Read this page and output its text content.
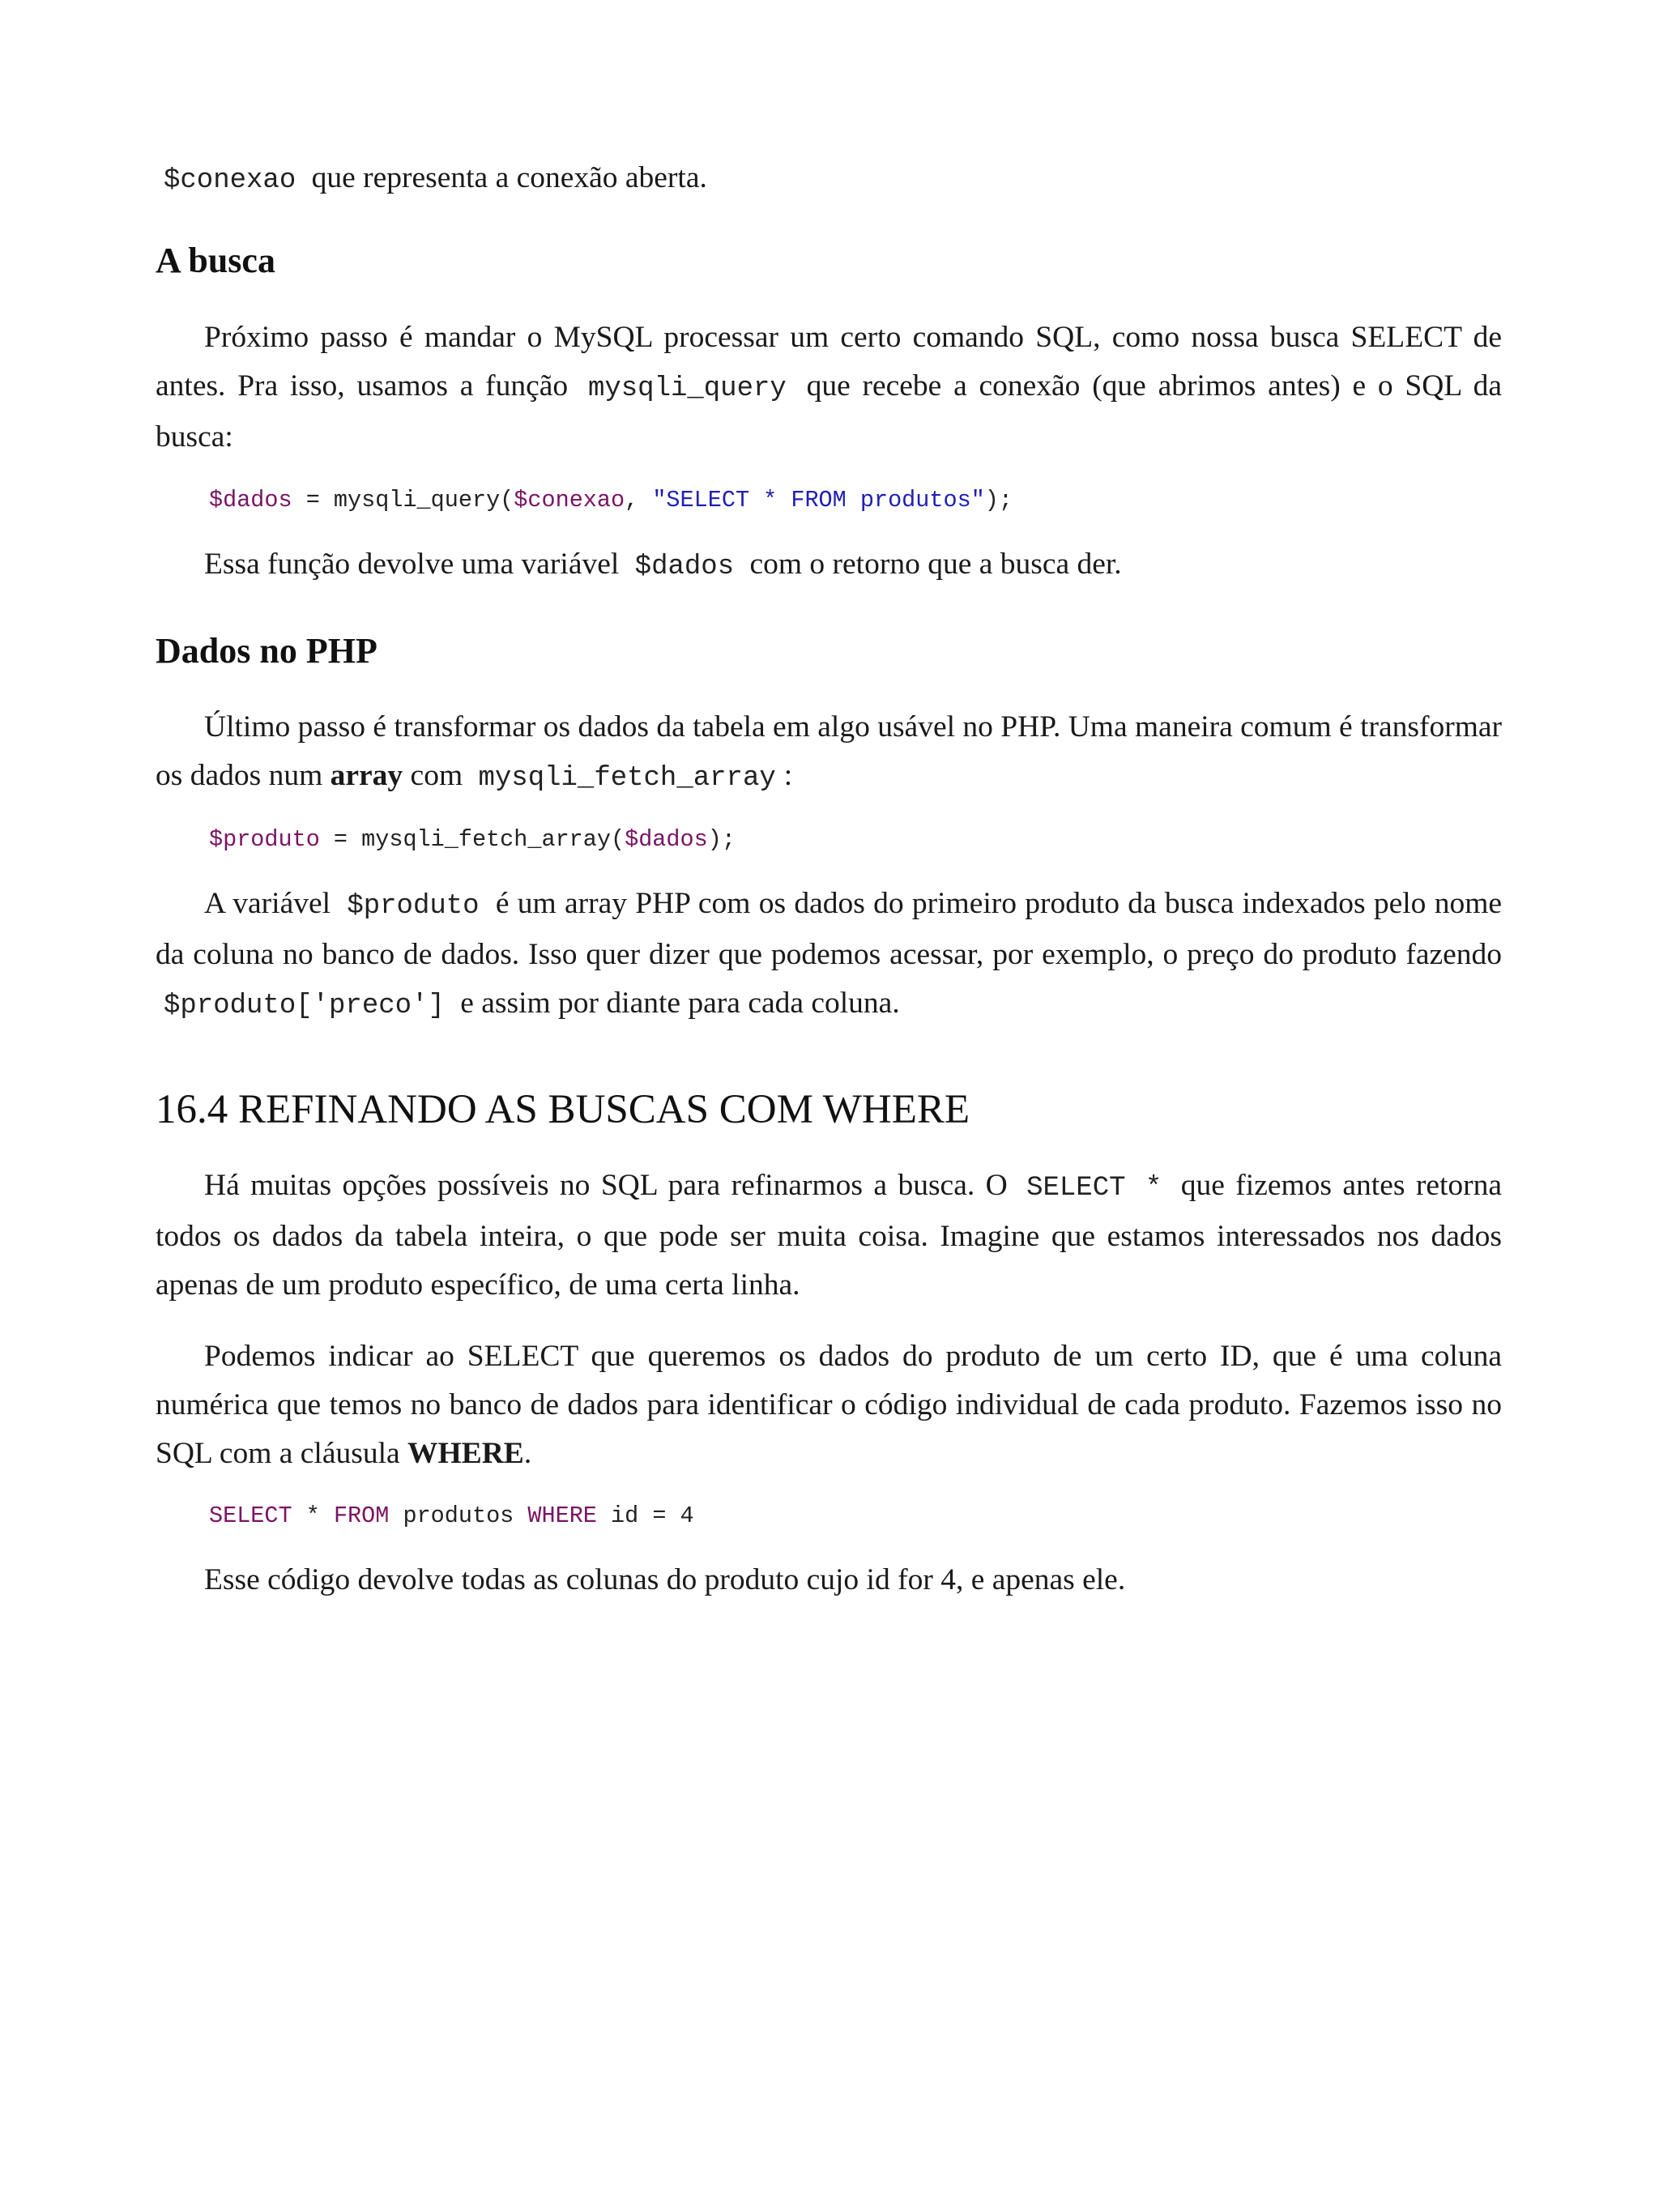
$conexao que representa a conexão aberta.

A busca

Próximo passo é mandar o MySQL processar um certo comando SQL, como nossa busca SELECT de antes. Pra isso, usamos a função mysqli_query que recebe a conexão (que abrimos antes) e o SQL da busca:

$dados = mysqli_query($conexao, "SELECT * FROM produtos");

Essa função devolve uma variável $dados com o retorno que a busca der.

Dados no PHP

Último passo é transformar os dados da tabela em algo usável no PHP. Uma maneira comum é transformar os dados num array com mysqli_fetch_array :

$produto = mysqli_fetch_array($dados);

A variável $produto é um array PHP com os dados do primeiro produto da busca indexados pelo nome da coluna no banco de dados. Isso quer dizer que podemos acessar, por exemplo, o preço do produto fazendo $produto['preco'] e assim por diante para cada coluna.

16.4 REFINANDO AS BUSCAS COM WHERE

Há muitas opções possíveis no SQL para refinarmos a busca. O SELECT * que fizemos antes retorna todos os dados da tabela inteira, o que pode ser muita coisa. Imagine que estamos interessados nos dados apenas de um produto específico, de uma certa linha.

Podemos indicar ao SELECT que queremos os dados do produto de um certo ID, que é uma coluna numérica que temos no banco de dados para identificar o código individual de cada produto. Fazemos isso no SQL com a cláusula WHERE.

SELECT * FROM produtos WHERE id = 4

Esse código devolve todas as colunas do produto cujo id for 4, e apenas ele.
